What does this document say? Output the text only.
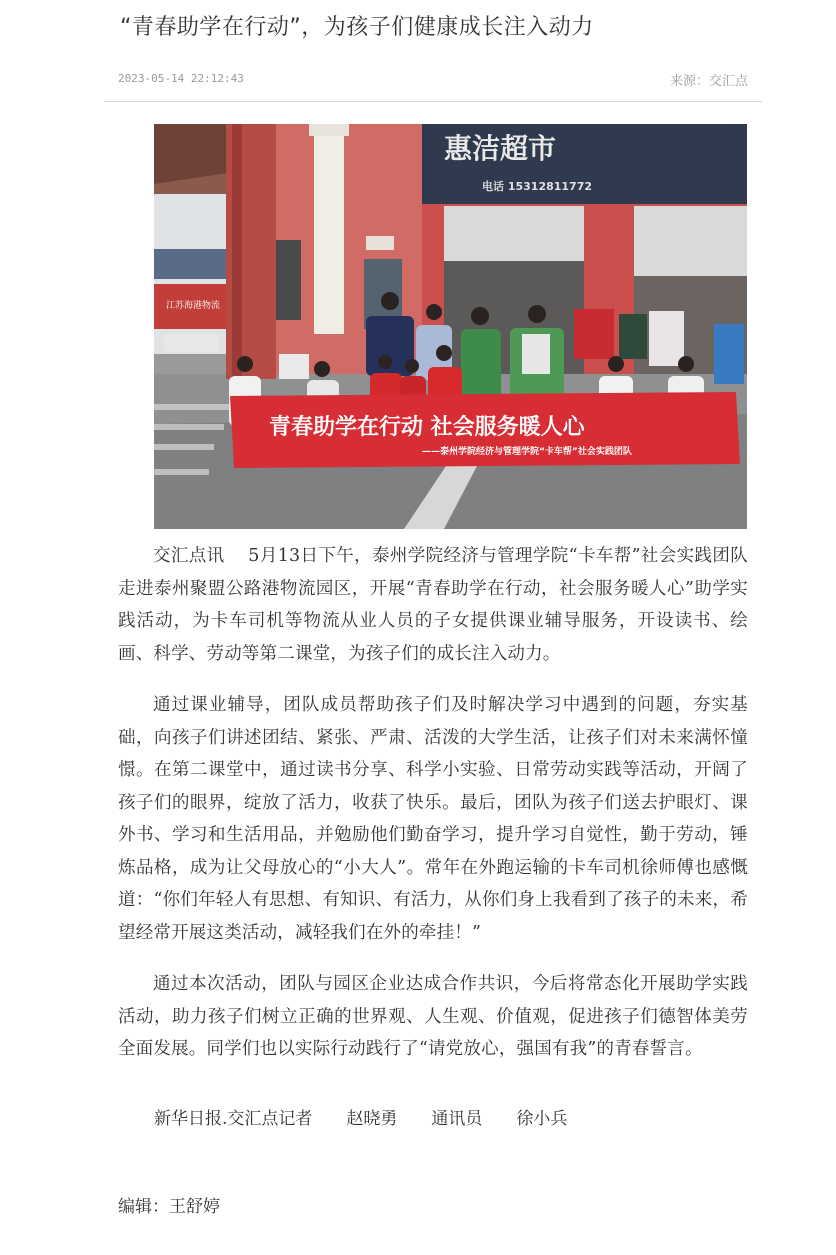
“青春助学在行动”，为孩子们健康成长注入动力
2023-05-14 22:12:43	来源：交汇点
江苏海港物流
惠洁超市
电话 15312811772
青春助学在行动 社会服务暖人心
——泰州学院经济与管理学院“卡车帮”社会实践团队

交汇点讯　 5月13日下午，泰州学院经济与管理学院“卡车帮”社会实践团队走进泰州聚盟公路港物流园区，开展“青春助学在行动，社会服务暖人心”助学实践活动，为卡车司机等物流从业人员的子女提供课业辅导服务，开设读书、绘画、科学、劳动等第二课堂，为孩子们的成长注入动力。

通过课业辅导，团队成员帮助孩子们及时解决学习中遇到的问题，夯实基础，向孩子们讲述团结、紧张、严肃、活泼的大学生活，让孩子们对未来满怀憧憬。在第二课堂中，通过读书分享、科学小实验、日常劳动实践等活动，开阔了孩子们的眼界，绽放了活力，收获了快乐。最后，团队为孩子们送去护眼灯、课外书、学习和生活用品，并勉励他们勤奋学习，提升学习自觉性，勤于劳动，锤炼品格，成为让父母放心的“小大人”。常年在外跑运输的卡车司机徐师傅也感慨道：“你们年轻人有思想、有知识、有活力，从你们身上我看到了孩子的未来，希望经常开展这类活动，减轻我们在外的牵挂！”

通过本次活动，团队与园区企业达成合作共识，今后将常态化开展助学实践活动，助力孩子们树立正确的世界观、人生观、价值观，促进孩子们德智体美劳全面发展。同学们也以实际行动践行了“请党放心，强国有我”的青春誓言。

新华日报.交汇点记者　　赵晓勇　　通讯员　　徐小兵
编辑：王舒婷
